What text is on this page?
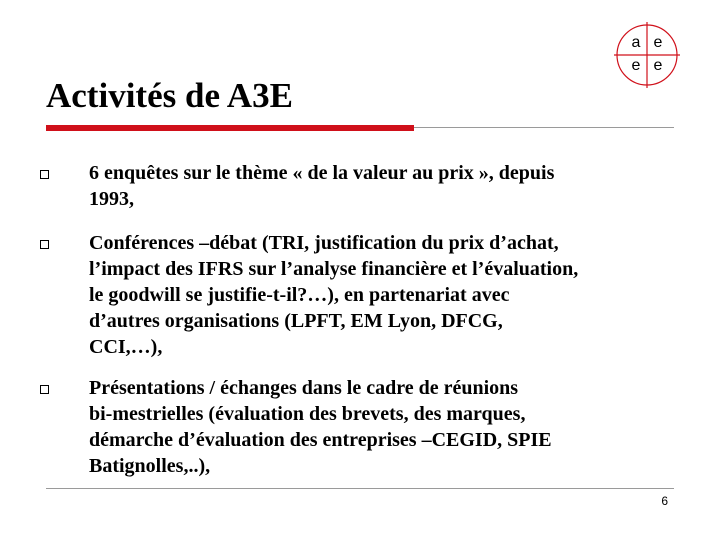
a e
e e
Activités de A3E
6 enquêtes sur le thème « de la valeur au prix », depuis
1993,
Conférences –débat (TRI, justification du prix d’achat,
l’impact des IFRS sur l’analyse financière et l’évaluation,
le goodwill se justifie-t-il?…), en partenariat avec
d’autres organisations (LPFT, EM Lyon, DFCG,
CCI,…),
Présentations / échanges dans le cadre de réunions
bi-mestrielles (évaluation des brevets, des marques,
démarche d’évaluation des entreprises –CEGID, SPIE
Batignolles,..),
6
